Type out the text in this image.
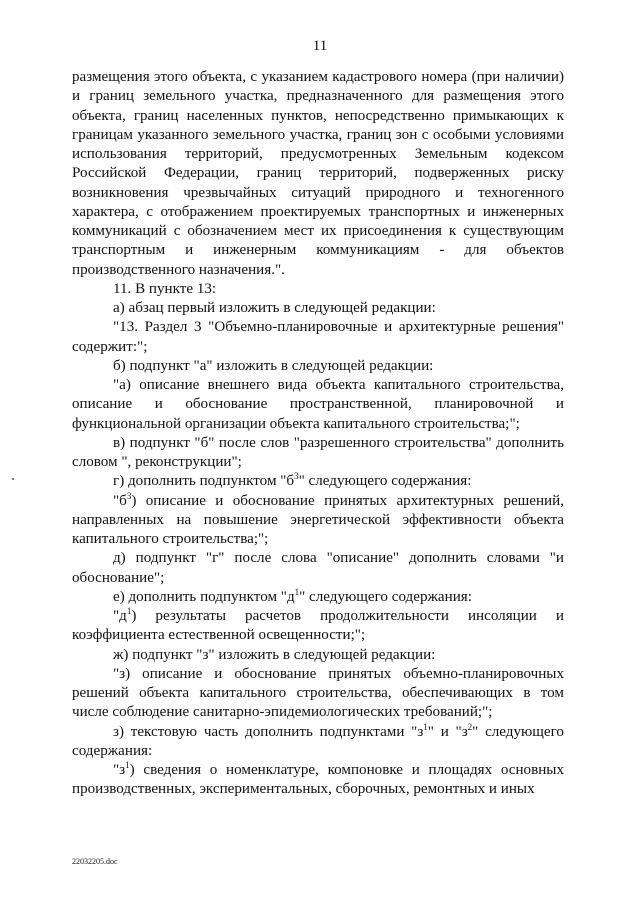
11

размещения этого объекта, с указанием кадастрового номера (при наличии) и границ земельного участка, предназначенного для размещения этого объекта, границ населенных пунктов, непосредственно примыкающих к границам указанного земельного участка, границ зон с особыми условиями использования территорий, предусмотренных Земельным кодексом Российской Федерации, границ территорий, подверженных риску возникновения чрезвычайных ситуаций природного и техногенного характера, с отображением проектируемых транспортных и инженерных коммуникаций с обозначением мест их присоединения к существующим транспортным и инженерным коммуникациям - для объектов производственного назначения.".

11. В пункте 13:

а) абзац первый изложить в следующей редакции:

"13. Раздел 3 "Объемно-планировочные и архитектурные решения" содержит:";

б) подпункт "а" изложить в следующей редакции:

"а) описание внешнего вида объекта капитального строительства, описание и обоснование пространственной, планировочной и функциональной организации объекта капитального строительства;";

в) подпункт "б" после слов "разрешенного строительства" дополнить словом ", реконструкции";

г) дополнить подпунктом "$б^3$" следующего содержания:

"$б^3$) описание и обоснование принятых архитектурных решений, направленных на повышение энергетической эффективности объекта капитального строительства;";

д) подпункт "г" после слова "описание" дополнить словами "и обоснование";

е) дополнить подпунктом "$д^1$" следующего содержания:

"$д^1$) результаты расчетов продолжительности инсоляции и коэффициента естественной освещенности;";

ж) подпункт "з" изложить в следующей редакции:

"з) описание и обоснование принятых объемно-планировочных решений объекта капитального строительства, обеспечивающих в том числе соблюдение санитарно-эпидемиологических требований;";

з) текстовую часть дополнить подпунктами "$з^1$" и "$з^2$" следующего содержания:

"$з^1$) сведения о номенклатуре, компоновке и площадях основных производственных, экспериментальных, сборочных, ремонтных и иных

22032205.doc
